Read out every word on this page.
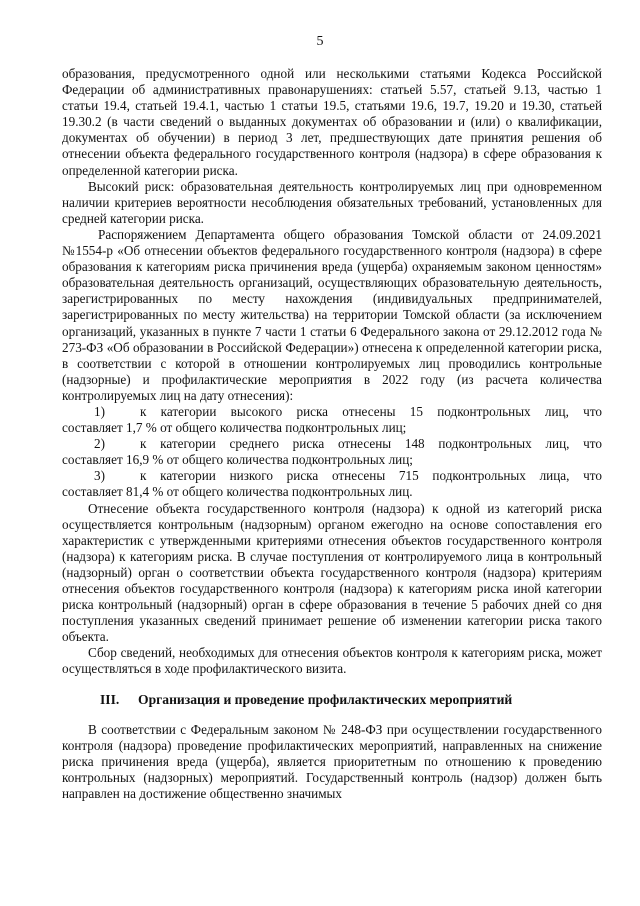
5

образования, предусмотренного одной или несколькими статьями Кодекса Российской Федерации об административных правонарушениях: статьей 5.57, статьей 9.13, частью 1 статьи 19.4, статьей 19.4.1, частью 1 статьи 19.5, статьями 19.6, 19.7, 19.20 и 19.30, статьей 19.30.2 (в части сведений о выданных документах об образовании и (или) о квалификации, документах об обучении) в период 3 лет, предшествующих дате принятия решения об отнесении объекта федерального государственного контроля (надзора) в сфере образования к определенной категории риска.

Высокий риск: образовательная деятельность контролируемых лиц при одновременном наличии критериев вероятности несоблюдения обязательных требований, установленных для средней категории риска.

Распоряжением Департамента общего образования Томской области от 24.09.2021 №1554-р «Об отнесении объектов федерального государственного контроля (надзора) в сфере образования к категориям риска причинения вреда (ущерба) охраняемым законом ценностям» образовательная деятельность организаций, осуществляющих образовательную деятельность, зарегистрированных по месту нахождения (индивидуальных предпринимателей, зарегистрированных по месту жительства) на территории Томской области (за исключением организаций, указанных в пункте 7 части 1 статьи 6 Федерального закона от 29.12.2012 года № 273-ФЗ «Об образовании в Российской Федерации») отнесена к определенной категории риска, в соответствии с которой в отношении контролируемых лиц проводились контрольные (надзорные) и профилактические мероприятия в 2022 году (из расчета количества контролируемых лиц на дату отнесения):

1)	к категории высокого риска отнесены 15 подконтрольных лиц, что
составляет 1,7 % от общего количества подконтрольных лиц;
2)	к категории среднего риска отнесены 148 подконтрольных лиц, что
составляет 16,9 % от общего количества подконтрольных лиц;
3)	к категории низкого риска отнесены 715 подконтрольных лица, что
составляет 81,4 % от общего количества подконтрольных лиц.

Отнесение объекта государственного контроля (надзора) к одной из категорий риска осуществляется контрольным (надзорным) органом ежегодно на основе сопоставления его характеристик с утвержденными критериями отнесения объектов государственного контроля (надзора) к категориям риска. В случае поступления от контролируемого лица в контрольный (надзорный) орган о соответствии объекта государственного контроля (надзора) критериям отнесения объектов государственного контроля (надзора) к категориям риска иной категории риска контрольный (надзорный) орган в сфере образования в течение 5 рабочих дней со дня поступления указанных сведений принимает решение об изменении категории риска такого объекта.

Сбор сведений, необходимых для отнесения объектов контроля к категориям риска, может осуществляться в ходе профилактического визита.

III.	Организация и проведение профилактических мероприятий

В соответствии с Федеральным законом № 248-ФЗ при осуществлении государственного контроля (надзора) проведение профилактических мероприятий, направленных на снижение риска причинения вреда (ущерба), является приоритетным по отношению к проведению контрольных (надзорных) мероприятий. Государственный контроль (надзор) должен быть направлен на достижение общественно значимых
